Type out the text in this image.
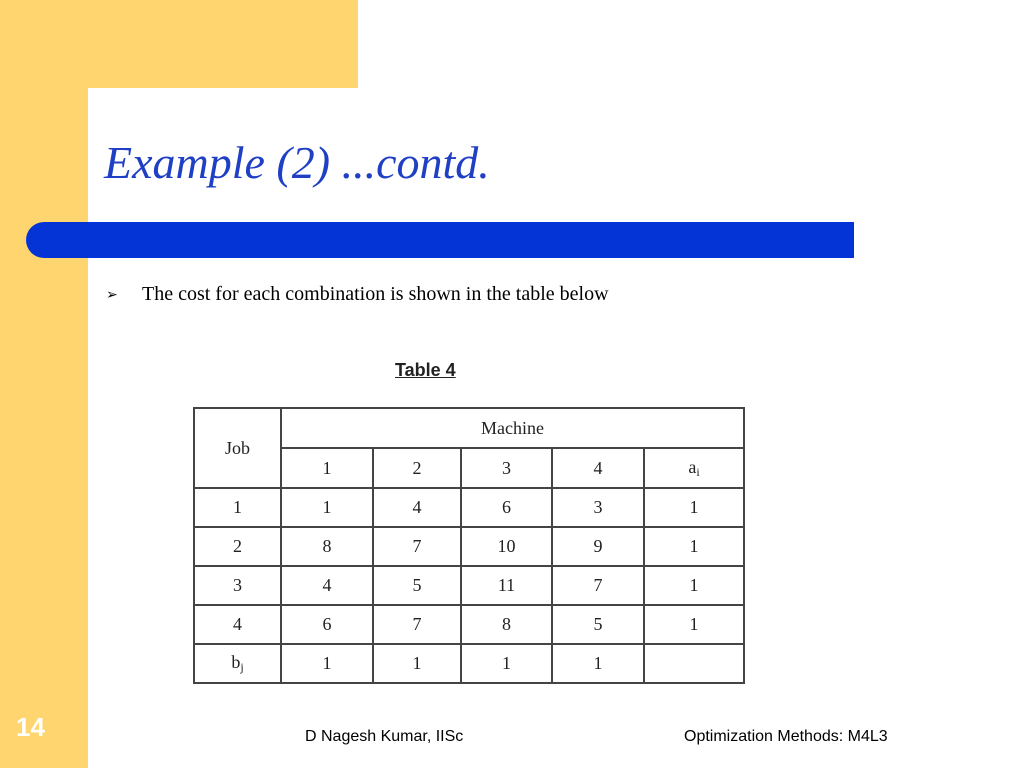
Example (2) ...contd.
➢	The cost for each combination is shown in the table below
Table 4
Job	Machine				
	1	2	3	4	$a_i$
1	1	4	6	3	1
2	8	7	10	9	1
3	4	5	11	7	1
4	6	7	8	5	1
$b_j$	1	1	1	1	
14	D Nagesh Kumar, IISc	Optimization Methods: M4L3
